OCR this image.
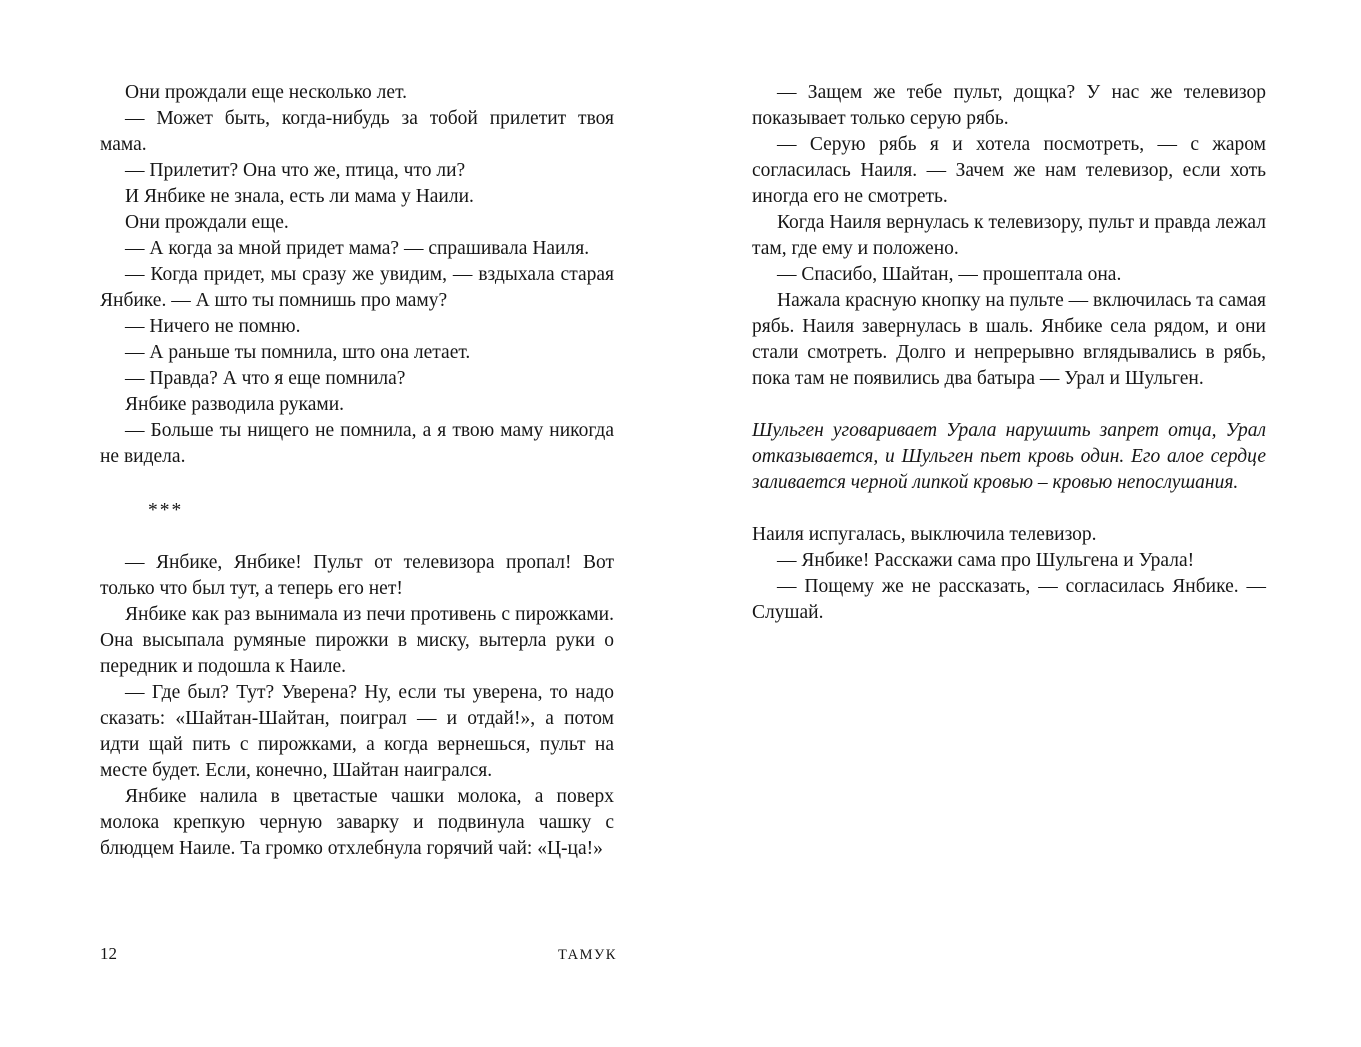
Они прождали еще несколько лет.

— Может быть, когда-нибудь за тобой прилетит твоя мама.

— Прилетит? Она что же, птица, что ли?

И Янбике не знала, есть ли мама у Наили.

Они прождали еще.

— А когда за мной придет мама? — спрашивала Наиля.

— Когда придет, мы сразу же увидим, — вздыхала старая Янбике. — А што ты помнишь про маму?

— Ничего не помню.

— А раньше ты помнила, што она летает.

— Правда? А что я еще помнила?

Янбике разводила руками.

— Больше ты нищего не помнила, а я твою маму никогда не видела.

***

— Янбике, Янбике! Пульт от телевизора пропал! Вот только что был тут, а теперь его нет!

Янбике как раз вынимала из печи противень с пирожками. Она высыпала румяные пирожки в миску, вытерла руки о передник и подошла к Наиле.

— Где был? Тут? Уверена? Ну, если ты уверена, то надо сказать: «Шайтан-Шайтан, поиграл — и отдай!», а потом идти щай пить с пирожками, а когда вернешься, пульт на месте будет. Если, конечно, Шайтан наигрался.

Янбике налила в цветастые чашки молока, а поверх молока крепкую черную заварку и подвинула чашку с блюдцем Наиле. Та громко отхлебнула горячий чай: «Ц-ца!»

— Защем же тебе пульт, дощка? У нас же телевизор показывает только серую рябь.

— Серую рябь я и хотела посмотреть, — с жаром согласилась Наиля. — Зачем же нам телевизор, если хоть иногда его не смотреть.

Когда Наиля вернулась к телевизору, пульт и правда лежал там, где ему и положено.

— Спасибо, Шайтан, — прошептала она.

Нажала красную кнопку на пульте — включилась та самая рябь. Наиля завернулась в шаль. Янбике села рядом, и они стали смотреть. Долго и непрерывно вглядывались в рябь, пока там не появились два батыра — Урал и Шульген.

Шульген уговаривает Урала нарушить запрет отца, Урал отказывается, и Шульген пьет кровь один. Его алое сердце заливается черной липкой кровью – кровью непослушания.

Наиля испугалась, выключила телевизор.

— Янбике! Расскажи сама про Шульгена и Урала!

— Пощему же не рассказать, — согласилась Янбике. — Слушай.

12	ТАМУК
